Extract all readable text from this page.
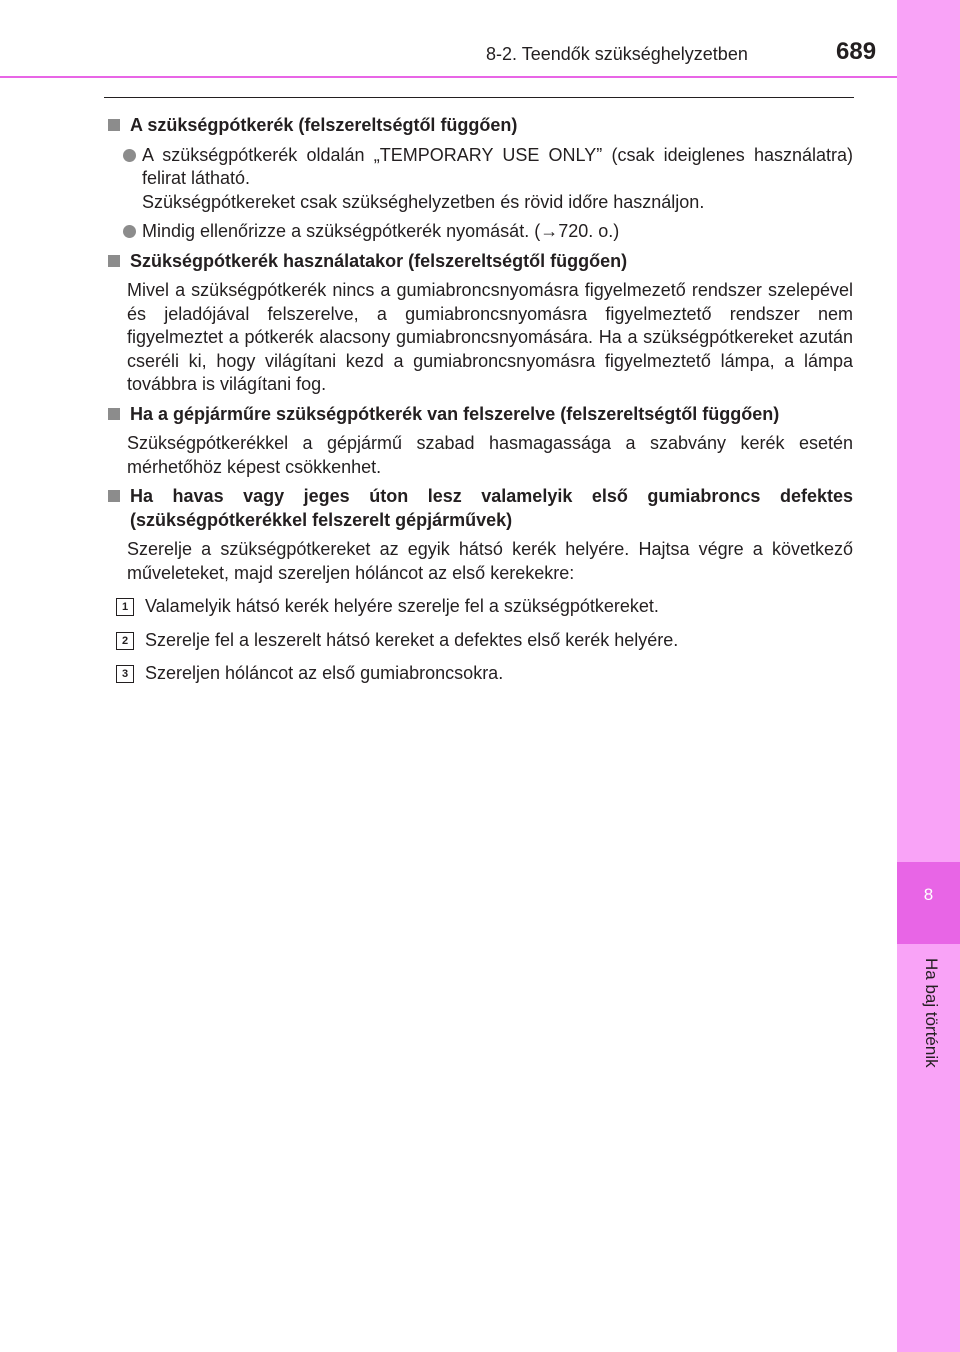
8
Ha baj történik
8-2. Teendők szükséghelyzetben	689
A szükségpótkerék (felszereltségtől függően)
A szükségpótkerék oldalán „TEMPORARY USE ONLY” (csak ideiglenes használatra) felirat látható.
Szükségpótkereket csak szükséghelyzetben és rövid időre használjon.
Mindig ellenőrizze a szükségpótkerék nyomását. (→720. o.)
Szükségpótkerék használatakor (felszereltségtől függően)
Mivel a szükségpótkerék nincs a gumiabroncsnyomásra figyelmezető rendszer szelepével és jeladójával felszerelve, a gumiabroncsnyomásra figyelmeztető rendszer nem figyelmeztet a pótkerék alacsony gumiabroncsnyomására. Ha a szükségpótkereket azután cseréli ki, hogy világítani kezd a gumiabroncsnyomásra figyelmeztető lámpa, a lámpa továbbra is világítani fog.
Ha a gépjárműre szükségpótkerék van felszerelve (felszereltségtől függően)
Szükségpótkerékkel a gépjármű szabad hasmagassága a szabvány kerék esetén mérhetőhöz képest csökkenhet.
Ha havas vagy jeges úton lesz valamelyik első gumiabroncs defektes (szükségpótkerékkel felszerelt gépjárművek)
Szerelje a szükségpótkereket az egyik hátsó kerék helyére. Hajtsa végre a következő műveleteket, majd szereljen hóláncot az első kerekekre:
1 Valamelyik hátsó kerék helyére szerelje fel a szükségpótkereket.
2 Szerelje fel a leszerelt hátsó kereket a defektes első kerék helyére.
3 Szereljen hóláncot az első gumiabroncsokra.
